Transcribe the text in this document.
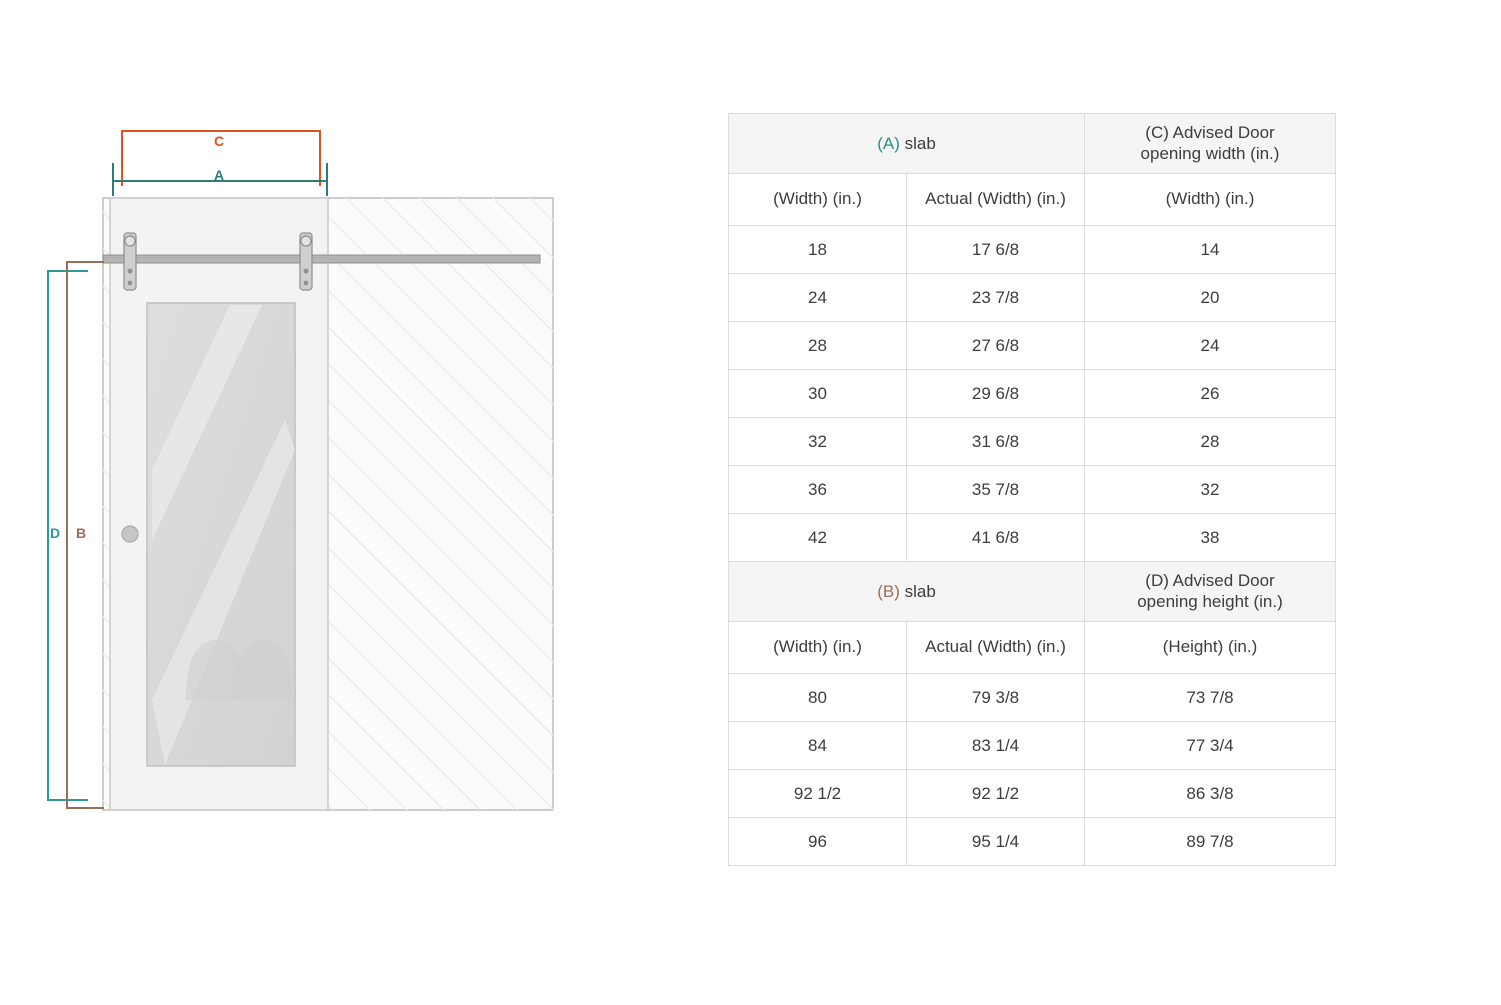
C
A
D B
(A) slab		(C) Advised Door
opening width (in.)

(Width) (in.)	Actual (Width) (in.)	(Width) (in.)
18	17 6/8	14
24	23 7/8	20
28	27 6/8	24
30	29 6/8	26
32	31 6/8	28
36	35 7/8	32
42	41 6/8	38
(B) slab		(D) Advised Door
opening height (in.)

(Width) (in.)	Actual (Width) (in.)	(Height) (in.)
80	79 3/8	73 7/8
84	83 1/4	77 3/4
92 1/2	92 1/2	86 3/8
96	95 1/4	89 7/8
